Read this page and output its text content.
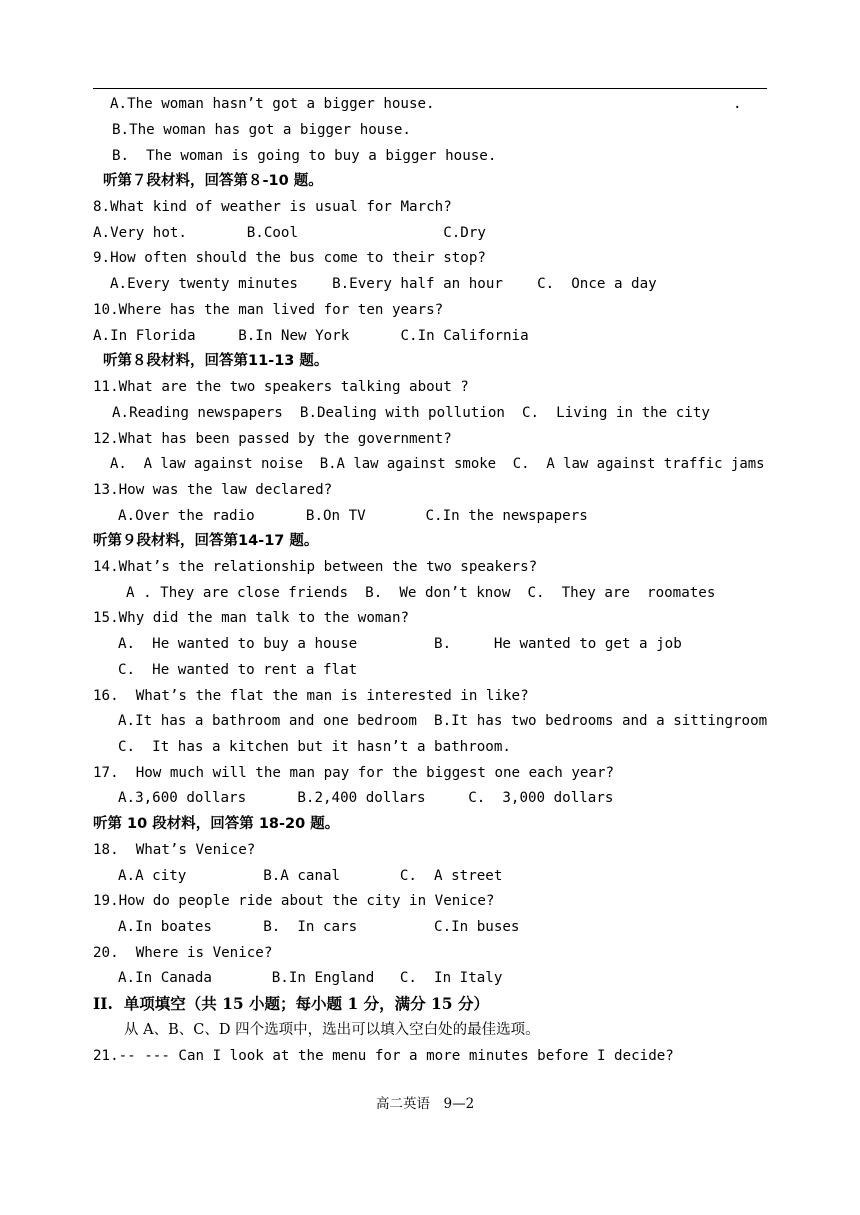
A.The woman hasn’t got a bigger house.	.
B.The woman has got a bigger house.
B.  The woman is going to buy a bigger house.
听第７段材料，回答第８-10 题。
8.What kind of weather is usual for March?
A.Very hot.       B.Cool                 C.Dry
9.How often should the bus come to their stop?
A.Every twenty minutes    B.Every half an hour    C.  Once a day
10.Where has the man lived for ten years?
A.In Florida     B.In New York      C.In California
听第８段材料，回答第11-13 题。
11.What are the two speakers talking about ?
A.Reading newspapers  B.Dealing with pollution  C.  Living in the city
12.What has been passed by the government?
A.  A law against noise  B.A law against smoke  C.  A law against traffic jams
13.How was the law declared?
A.Over the radio      B.On TV       C.In the newspapers
听第９段材料，回答第14-17 题。
14.What’s the relationship between the two speakers?
A . They are close friends  B.  We don’t know  C.  They are  roomates
15.Why did the man talk to the woman?
A.  He wanted to buy a house         B.     He wanted to get a job
C.  He wanted to rent a flat
16.  What’s the flat the man is interested in like?
A.It has a bathroom and one bedroom  B.It has two bedrooms and a sittingroom
C.  It has a kitchen but it hasn’t a bathroom.
17.  How much will the man pay for the biggest one each year?
A.3,600 dollars      B.2,400 dollars     C.  3,000 dollars
听第 10 段材料，回答第 18-20 题。
18.  What’s Venice?
A.A city         B.A canal       C.  A street
19.How do people ride about the city in Venice?
A.In boates      B.  In cars         C.In buses
20.  Where is Venice?
A.In Canada       B.In England   C.  In Italy
II.  单项填空（共 15 小题；每小题 1 分，满分 15 分）
从 A、B、C、D 四个选项中，选出可以填入空白处的最佳选项。
21.-- --- Can I look at the menu for a more minutes before I decide?
高二英语　9—2
